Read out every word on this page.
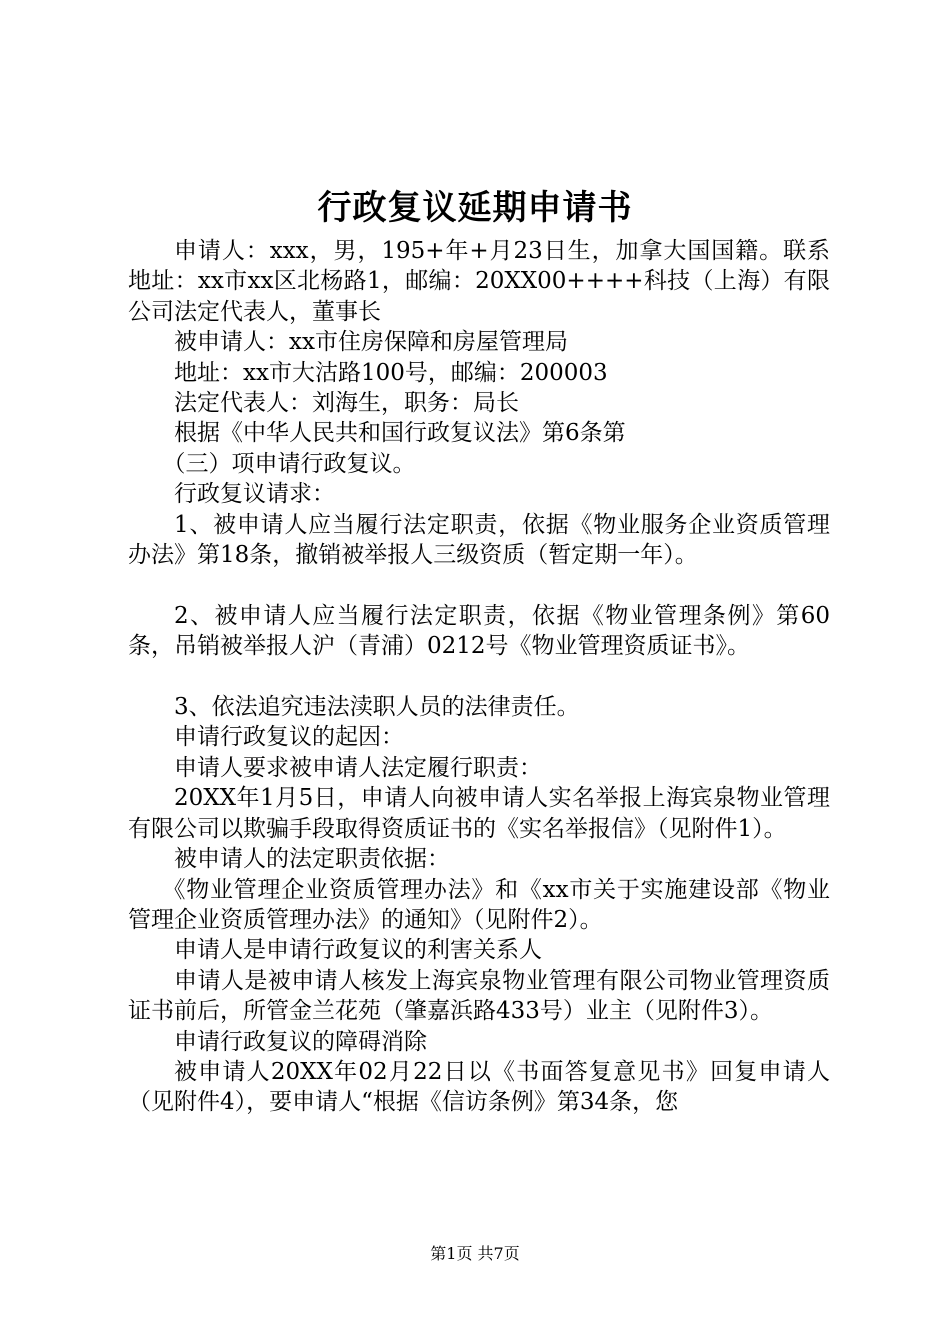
行政复议延期申请书

申请人：xxx，男，195+年+月23日生，加拿大国国籍。联系地址：xx市xx区北杨路1，邮编：20XX00++++科技（上海）有限公司法定代表人，董事长

被申请人：xx市住房保障和房屋管理局

地址：xx市大沽路100号，邮编：200003

法定代表人：刘海生，职务：局长

根据《中华人民共和国行政复议法》第6条第

（三）项申请行政复议。

行政复议请求：

1、被申请人应当履行法定职责，依据《物业服务企业资质管理办法》第18条，撤销被举报人三级资质（暂定期一年）。

2、被申请人应当履行法定职责，依据《物业管理条例》第60条，吊销被举报人沪（青浦）0212号《物业管理资质证书》。

3、依法追究违法渎职人员的法律责任。

申请行政复议的起因：

申请人要求被申请人法定履行职责：

20XX年1月5日，申请人向被申请人实名举报上海宾泉物业管理有限公司以欺骗手段取得资质证书的《实名举报信》（见附件1）。

被申请人的法定职责依据：

《物业管理企业资质管理办法》和《xx市关于实施建设部《物业管理企业资质管理办法》的通知》（见附件2）。

申请人是申请行政复议的利害关系人

申请人是被申请人核发上海宾泉物业管理有限公司物业管理资质证书前后，所管金兰花苑（肇嘉浜路433号）业主（见附件3）。

申请行政复议的障碍消除

被申请人20XX年02月22日以《书面答复意见书》回复申请人（见附件4），要申请人“根据《信访条例》第34条，您

第1页 共7页
